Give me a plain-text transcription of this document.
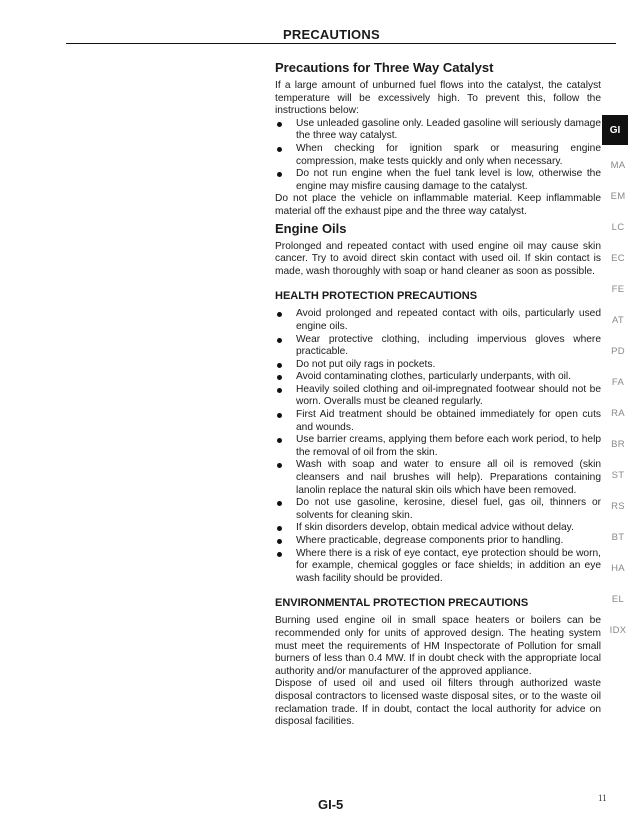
PRECAUTIONS
Precautions for Three Way Catalyst

If a large amount of unburned fuel flows into the catalyst, the catalyst temperature will be excessively high. To prevent this, follow the instructions below:

Use unleaded gasoline only. Leaded gasoline will seriously damage the three way catalyst.
When checking for ignition spark or measuring engine compression, make tests quickly and only when necessary.
Do not run engine when the fuel tank level is low, otherwise the engine may misfire causing damage to the catalyst.

Do not place the vehicle on inflammable material. Keep inflammable material off the exhaust pipe and the three way catalyst.

Engine Oils

Prolonged and repeated contact with used engine oil may cause skin cancer. Try to avoid direct skin contact with used oil. If skin contact is made, wash thoroughly with soap or hand cleaner as soon as possible.

HEALTH PROTECTION PRECAUTIONS
Avoid prolonged and repeated contact with oils, particularly used engine oils.
Wear protective clothing, including impervious gloves where practicable.
Do not put oily rags in pockets.
Avoid contaminating clothes, particularly underpants, with oil.
Heavily soiled clothing and oil-impregnated footwear should not be worn. Overalls must be cleaned regularly.
First Aid treatment should be obtained immediately for open cuts and wounds.
Use barrier creams, applying them before each work period, to help the removal of oil from the skin.
Wash with soap and water to ensure all oil is removed (skin cleansers and nail brushes will help). Preparations containing lanolin replace the natural skin oils which have been removed.
Do not use gasoline, kerosine, diesel fuel, gas oil, thinners or solvents for cleaning skin.
If skin disorders develop, obtain medical advice without delay.
Where practicable, degrease components prior to handling.
Where there is a risk of eye contact, eye protection should be worn, for example, chemical goggles or face shields; in addition an eye wash facility should be provided.
ENVIRONMENTAL PROTECTION PRECAUTIONS

Burning used engine oil in small space heaters or boilers can be recommended only for units of approved design. The heating system must meet the requirements of HM Inspectorate of Pollution for small burners of less than 0.4 MW. If in doubt check with the appropriate local authority and/or manufacturer of the approved appliance.

Dispose of used oil and used oil filters through authorized waste disposal contractors to licensed waste disposal sites, or to the waste oil reclamation trade. If in doubt, contact the local authority for advice on disposal facilities.

GI
MA
EM
LC
EC
FE
AT
PD
FA
RA
BR
ST
RS
BT
HA
EL
IDX
GI-5	11
